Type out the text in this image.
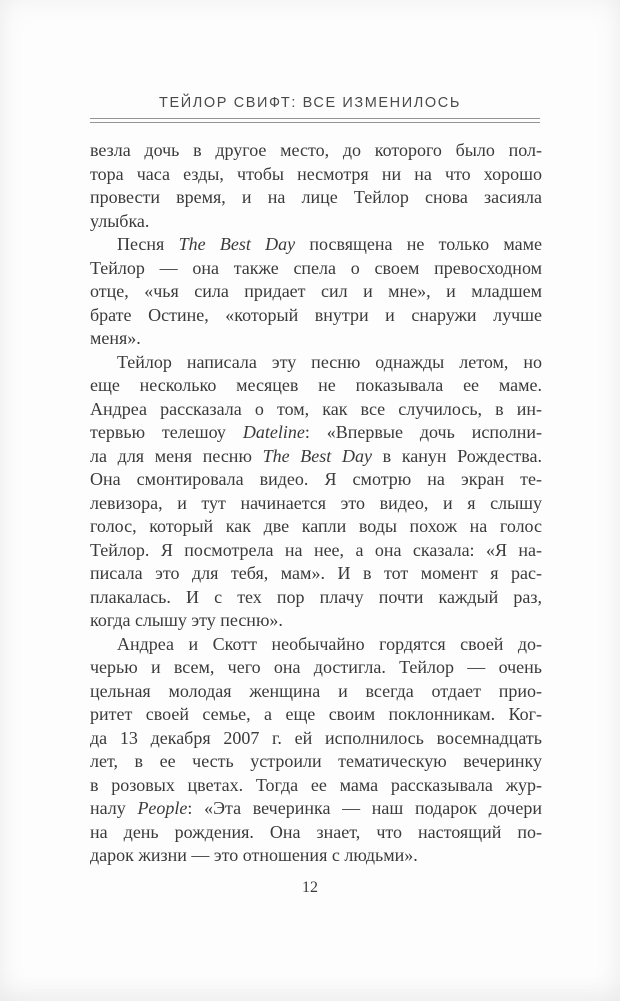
ТЕЙЛОР СВИФТ: ВСЕ ИЗМЕНИЛОСЬ
везла дочь в другое место, до которого было пол-
тора часа езды, чтобы несмотря ни на что хорошо
провести время, и на лице Тейлор снова засияла
улыбка.
Песня The Best Day посвящена не только маме
Тейлор — она также спела о своем превосходном
отце, «чья сила придает сил и мне», и младшем
брате Остине, «который внутри и снаружи лучше
меня».
Тейлор написала эту песню однажды летом, но
еще несколько месяцев не показывала ее маме.
Андреа рассказала о том, как все случилось, в ин-
тервью телешоу Dateline: «Впервые дочь исполни-
ла для меня песню The Best Day в канун Рождества.
Она смонтировала видео. Я смотрю на экран те-
левизора, и тут начинается это видео, и я слышу
голос, который как две капли воды похож на голос
Тейлор. Я посмотрела на нее, а она сказала: «Я на-
писала это для тебя, мам». И в тот момент я рас-
плакалась. И с тех пор плачу почти каждый раз,
когда слышу эту песню».
Андреа и Скотт необычайно гордятся своей до-
черью и всем, чего она достигла. Тейлор — очень
цельная молодая женщина и всегда отдает прио-
ритет своей семье, а еще своим поклонникам. Ког-
да 13 декабря 2007 г. ей исполнилось восемнадцать
лет, в ее честь устроили тематическую вечеринку
в розовых цветах. Тогда ее мама рассказывала жур-
налу People: «Эта вечеринка — наш подарок дочери
на день рождения. Она знает, что настоящий по-
дарок жизни — это отношения с людьми».
12
